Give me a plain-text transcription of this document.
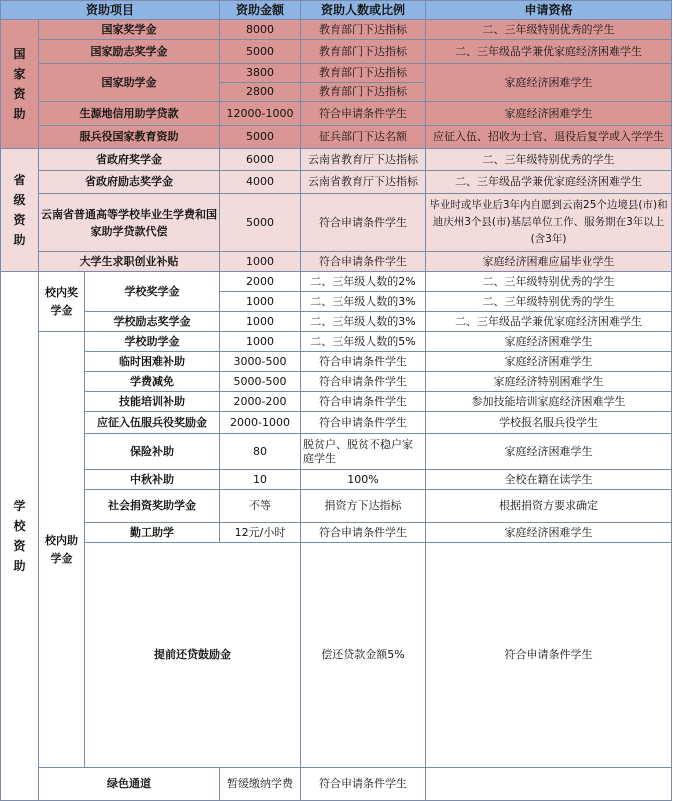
资助项目			资助金额	资助人数或比例	申请资格	
国
家
资
助	国家奖学金		8000	教育部门下达指标	二、三年级特别优秀的学生	
	国家励志奖学金		5000	教育部门下达指标	二、三年级品学兼优家庭经济困难学生	
	国家助学金		3800	教育部门下达指标	家庭经济困难学生	
			2800	教育部门下达指标		
	生源地信用助学贷款		12000-1000	符合申请条件学生	家庭经济困难学生	
	服兵役国家教育资助		5000	征兵部门下达名额	应征入伍、招收为士官、退役后复学或入学学生	
省
级
资
助	省政府奖学金		6000	云南省教育厅下达指标	二、三年级特别优秀的学生	
	省政府励志奖学金		4000	云南省教育厅下达指标	二、三年级品学兼优家庭经济困难学生	
	云南省普通高等学校毕业生学费和国家助学贷款代偿		5000	符合申请条件学生	毕业时或毕业后3年内自愿到云南25个边境县(市)和迪庆州3个县(市)基层单位工作、服务期在3年以上(含3年)	
	大学生求职创业补贴		1000	符合申请条件学生	家庭经济困难应届毕业学生	
学
校
资
助	校内奖学金	学校奖学金	2000	二、三年级人数的2%	二、三年级特别优秀的学生	
			1000	二、三年级人数的3%	二、三年级特别优秀的学生	
		学校励志奖学金	1000	二、三年级人数的3%	二、三年级品学兼优家庭经济困难学生	
	校内助学金	学校助学金	1000	二、三年级人数的5%	家庭经济困难学生	
		临时困难补助	3000-500	符合申请条件学生	家庭经济困难学生	
		学费减免	5000-500	符合申请条件学生	家庭经济特别困难学生	
		技能培训补助	2000-200	符合申请条件学生	参加技能培训家庭经济困难学生	
		应征入伍服兵役奖励金	2000-1000	符合申请条件学生	学校报名服兵役学生	
		保险补助	80	脱贫户、脱贫不稳户家庭学生	家庭经济困难学生	
		中秋补助	10	100%	全校在籍在读学生	
		社会捐资奖助学金	不等	捐资方下达指标	根据捐资方要求确定	
		勤工助学	12元/小时	符合申请条件学生	家庭经济困难学生	
		提前还贷鼓励金		偿还贷款金额5%	符合申请条件学生	
	绿色通道		暂缓缴纳学费	符合申请条件学生		
